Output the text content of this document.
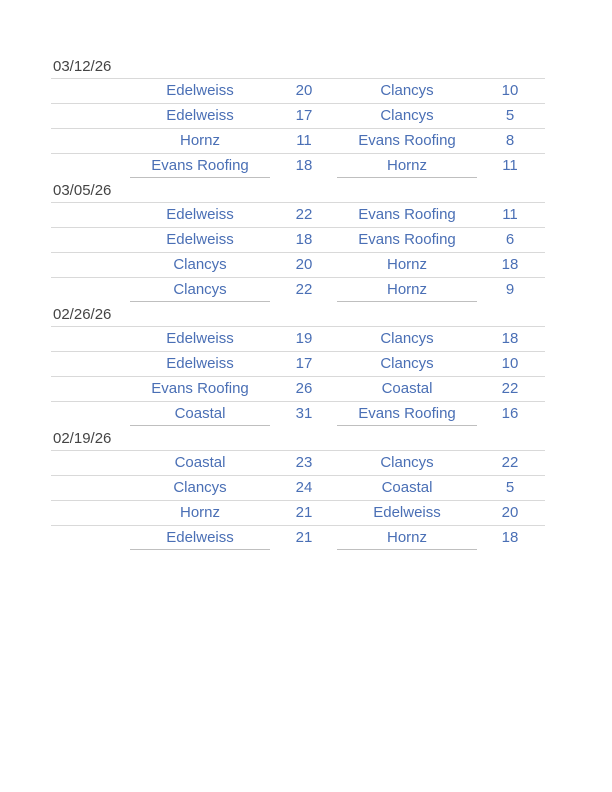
03/12/26
Edelweiss	20	Clancys	10
Edelweiss	17	Clancys	5
Hornz	11	Evans Roofing	8
Evans Roofing	18	Hornz	11
03/05/26
Edelweiss	22	Evans Roofing	11
Edelweiss	18	Evans Roofing	6
Clancys	20	Hornz	18
Clancys	22	Hornz	9
02/26/26
Edelweiss	19	Clancys	18
Edelweiss	17	Clancys	10
Evans Roofing	26	Coastal	22
Coastal	31	Evans Roofing	16
02/19/26
Coastal	23	Clancys	22
Clancys	24	Coastal	5
Hornz	21	Edelweiss	20
Edelweiss	21	Hornz	18
